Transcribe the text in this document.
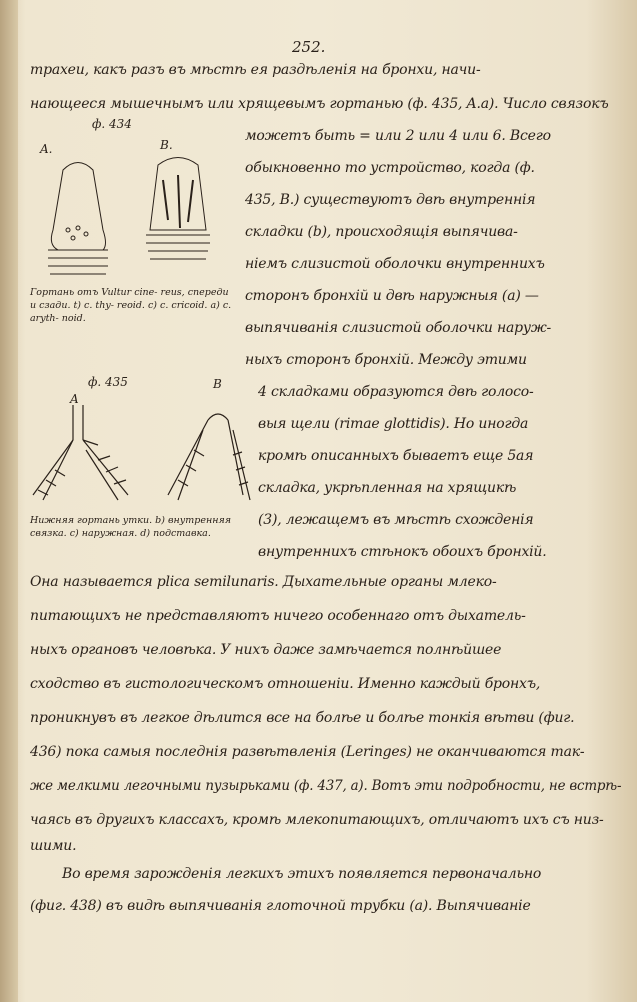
252.
трахеи, какъ разъ въ мѣстѣ ея раздѣленія на бронхи, начи-
нающееся мышечнымъ или хрящевымъ гортанью (ф. 435, A.a). Число связокъ
ф. 434
A.	B.
Гортань отъ Vultur cine- reus, спереди и сзади. t) c. thy- reoid. c) c. cricoid. a) c. aryth- noid.
можетъ быть = или 2 или 4 или 6. Всего
обыкновенно то устройство, когда (ф.
435, B.) существуютъ двѣ внутреннія
складки (b), происходящія выпячива-
ніемъ слизистой оболочки внутреннихъ
сторонъ бронхій и двѣ наружныя (a) —
выпячиванія слизистой оболочки наруж-
ныхъ сторонъ бронхій. Между этими
ф. 435
A
B
Нижняя гортань утки. b) внутренняя связка. c) наружная. d) подставка.
4 складками образуются двѣ голосо-
выя щели (rimae glottidis). Но иногда
кромѣ описанныхъ бываетъ еще 5ая
складка, укрѣпленная на хрящикѣ
(3), лежащемъ въ мѣстѣ схожденія
внутреннихъ стѣнокъ обоихъ бронхій.
Она называется plica semilunaris. Дыхательные органы млеко-
питающихъ не представляютъ ничего особеннаго отъ дыхатель-
ныхъ органовъ человѣка. У нихъ даже замѣчается полнѣйшее
сходство въ гистологическомъ отношеніи. Именно каждый бронхъ,
проникнувъ въ легкое дѣлится все на болѣе и болѣе тонкія вѣтви (фиг.
436) пока самыя последнія развѣтвленія (Leringes) не оканчиваются так-
же мелкими легочными пузырьками (ф. 437, a). Вотъ эти подробности, не встрѣ-
чаясь въ другихъ классахъ, кромѣ млекопитающихъ, отличаютъ ихъ съ низ-
шими.
Во время зарожденія легкихъ этихъ появляется первоначально
(фиг. 438) въ видѣ выпячиванія глоточной трубки (a). Выпячиваніе
